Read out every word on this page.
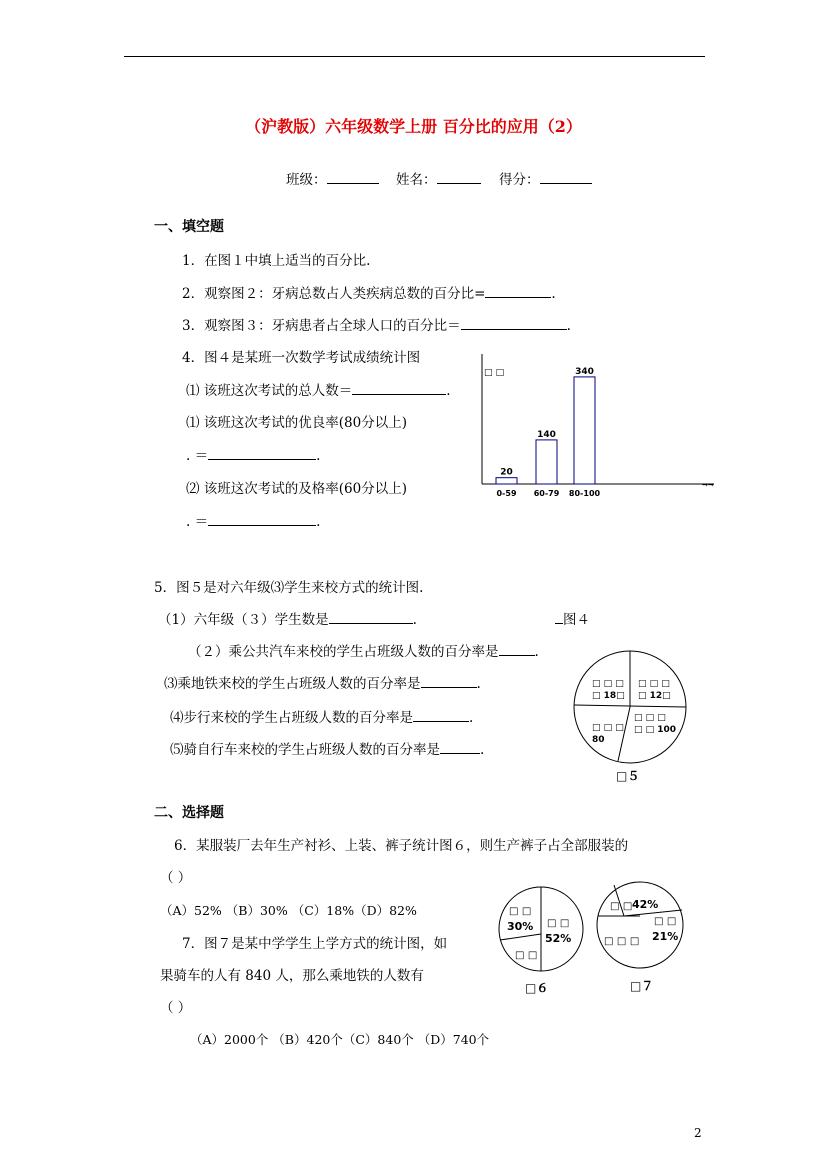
（沪教版）六年级数学上册 百分比的应用（2）
班级：	姓名：	得分：
一、填空题
1．在图１中填上适当的百分比.
2．观察图２：牙病总数占人类疾病总数的百分比=	.
3．观察图３：牙病患者占全球人口的百分比＝	.
4．图４是某班一次数学考试成绩统计图
⑴ 该班这次考试的总人数＝	.
⑴ 该班这次考试的优良率(80分以上)
. ＝	.
⑵ 该班这次考试的及格率(60分以上)
. ＝	.
□ □
→→
20
0-59
140
60-79
340
80-100
5．图５是对六年级⑶学生来校方式的统计图.
（1）六年级（３）学生数是	.	图４
（２）乘公共汽车来校的学生占班级人数的百分率是	.
⑶乘地铁来校的学生占班级人数的百分率是	.
⑷步行来校的学生占班级人数的百分率是	.
⑸骑自行车来校的学生占班级人数的百分率是	.
□ □ □
□ 18□
□ □ □
□ 12□
□ □ □
□ □ 100
□ □ □
80
□５
二、选择题
6．某服装厂去年生产衬衫、上装、裤子统计图６，则生产裤子占全部服装的
（ ）
（A）52% （B）30% （C）18%（D）82%
7．图７是某中学学生上学方式的统计图，如
果骑车的人有 840 人，那么乘地铁的人数有
（ ）
（A）2000个 （B）420个（C）840个 （D）740个
□ □
30% □ □
52%
□ □
□６
□ □ 42%
□ □
21%
□ □ □
□７
2
